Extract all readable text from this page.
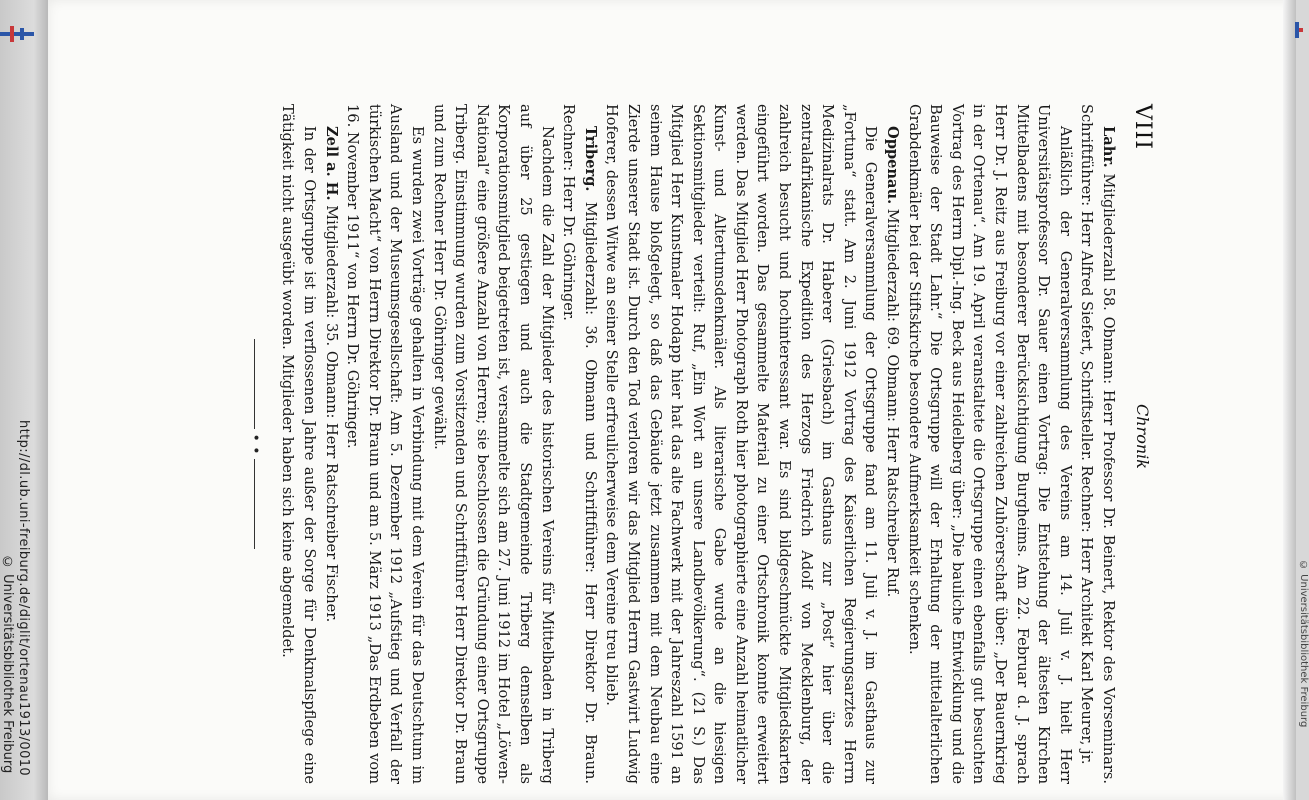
http://dl.ub.uni-freiburg.de/diglit/ortenau1913/0010
© Universitätsbibliothek Freiburg	© Universitätsbibliothek Freiburg
VIII
Chronik

Lahr. Mitgliederzahl 58. Obmann: Herr Professor Dr. Beinert, Rektor des Vorseminars. Schriftführer: Herr Alfred Siefert, Schriftsteller. Rechner: Herr Architekt Karl Meurer, jr.

Anläßlich der Generalversammlung des Vereins am 14. Juli v. J. hielt Herr Universitätsprofessor Dr. Sauer einen Vortrag: Die Entstehung der ältesten Kirchen Mittelbadens mit besonderer Berücksichtigung Burgheims. Am 22. Februar d. J. sprach Herr Dr. J. Reitz aus Freiburg vor einer zahlreichen Zuhörerschaft über: „Der Bauernkrieg in der Ortenau“. Am 19. April veranstaltete die Ortsgruppe einen ebenfalls gut besuchten Vortrag des Herrn Dipl.-Ing. Beck aus Heidelberg über: „Die bauliche Entwicklung und die Bauweise der Stadt Lahr.“ Die Ortsgruppe will der Erhaltung der mittelalterlichen Grabdenkmäler bei der Stiftskirche besondere Aufmerksamkeit schenken.

Oppenau. Mitgliederzahl: 69. Obmann: Herr Ratschreiber Ruf.

Die Generalversammlung der Ortsgruppe fand am 11. Juli v. J. im Gasthaus zur „Fortuna“ statt. Am 2. Juni 1912 Vortrag des Kaiserlichen Regierungsarztes Herrn Medizinalrats Dr. Haberer (Griesbach) im Gasthaus zur „Post“ hier über die zentralafrikanische Expedition des Herzogs Friedrich Adolf von Mecklenburg, der zahlreich besucht und hochinteressant war. Es sind bildgeschmückte Mitgliedskarten eingeführt worden. Das gesammelte Material zu einer Ortschronik konnte erweitert werden. Das Mitglied Herr Photograph Roth hier photographierte eine Anzahl heimatlicher Kunst- und Altertumsdenkmäler. Als literarische Gabe wurde an die hiesigen Sektionsmitglieder verteilt: Ruf, „Ein Wort an unsere Landbevölkerung“. (21 S.) Das Mitglied Herr Kunstmaler Hodapp hier hat das alte Fachwerk mit der Jahreszahl 1591 an seinem Hause bloßgelegt, so daß das Gebäude jetzt zusammen mit dem Neubau eine Zierde unserer Stadt ist. Durch den Tod verloren wir das Mitglied Herrn Gastwirt Ludwig Hoferer, dessen Witwe an seiner Stelle erfreulicherweise dem Vereine treu blieb.

Triberg. Mitgliederzahl: 36. Obmann und Schriftführer: Herr Direktor Dr. Braun. Rechner: Herr Dr. Göhringer.

Nachdem die Zahl der Mitglieder des historischen Vereins für Mittelbaden in Triberg auf über 25 gestiegen und auch die Stadtgemeinde Triberg demselben als Korporationsmitglied beigetreten ist, versammelte sich am 27. Juni 1912 im Hotel „Löwen-National“ eine größere Anzahl von Herren; sie beschlossen die Gründung einer Ortsgruppe Triberg. Einstimmung wurden zum Vorsitzenden und Schriftführer Herr Direktor Dr. Braun und zum Rechner Herr Dr. Göhringer gewählt.

Es wurden zwei Vorträge gehalten in Verbindung mit dem Verein für das Deutschtum im Ausland und der Museumsgesellschaft: Am 5. Dezember 1912 „Aufstieg und Verfall der türkischen Macht“ von Herrn Direktor Dr. Braun und am 5. März 1913 „Das Erdbeben vom 16. November 1911“ von Herrn Dr. Göhringer.

Zell a. H. Mitgliederzahl: 35. Obmann: Herr Ratschreiber Fischer.

In der Ortsgruppe ist im verflossenen Jahre außer der Sorge für Denkmalspflege eine Tätigkeit nicht ausgeübt worden. Mitglieder haben sich keine abgemeldet.

• •
